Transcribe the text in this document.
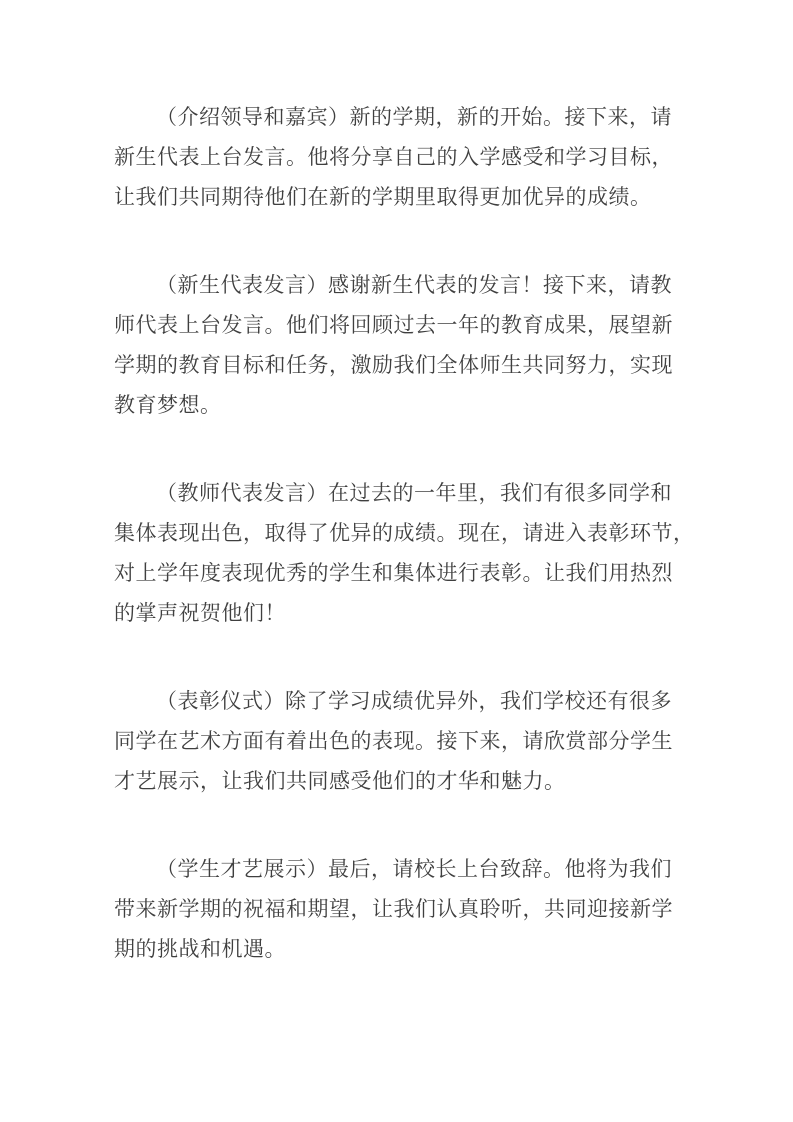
（介绍领导和嘉宾）新的学期，新的开始。接下来，请
新生代表上台发言。他将分享自己的入学感受和学习目标，
让我们共同期待他们在新的学期里取得更加优异的成绩。
（新生代表发言）感谢新生代表的发言！接下来，请教
师代表上台发言。他们将回顾过去一年的教育成果，展望新
学期的教育目标和任务，激励我们全体师生共同努力，实现
教育梦想。
（教师代表发言）在过去的一年里，我们有很多同学和
集体表现出色，取得了优异的成绩。现在，请进入表彰环节，
对上学年度表现优秀的学生和集体进行表彰。让我们用热烈
的掌声祝贺他们！
（表彰仪式）除了学习成绩优异外，我们学校还有很多
同学在艺术方面有着出色的表现。接下来，请欣赏部分学生
才艺展示，让我们共同感受他们的才华和魅力。
（学生才艺展示）最后，请校长上台致辞。他将为我们
带来新学期的祝福和期望，让我们认真聆听，共同迎接新学
期的挑战和机遇。
